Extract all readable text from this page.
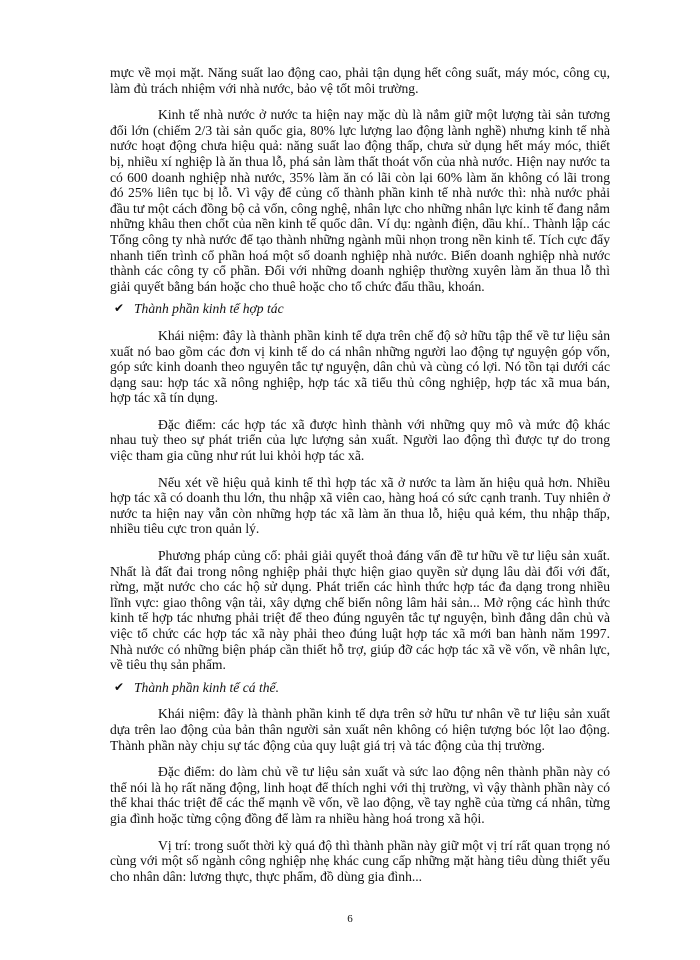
mực về mọi mặt. Năng suất lao động cao, phải tận dụng hết công suất, máy móc, công cụ, làm đủ trách nhiệm với nhà nước, bảo vệ tốt môi trường.

Kinh tế nhà nước ở nước ta hiện nay mặc dù là nắm giữ một lượng tài sản tương đối lớn (chiếm 2/3 tài sản quốc gia, 80% lực lượng lao động lành nghề) nhưng kinh tế nhà nước hoạt động chưa hiệu quả: năng suất lao động thấp, chưa sử dụng hết máy móc, thiết bị, nhiều xí nghiệp là ăn thua lỗ, phá sản làm thất thoát vốn của nhà nước. Hiện nay nước ta có 600 doanh nghiệp nhà nước, 35% làm ăn có lãi còn lại 60% làm ăn không có lãi trong đó 25% liên tục bị lỗ. Vì vậy để củng cố thành phần kinh tế nhà nước thì: nhà nước phải đầu tư một cách đồng bộ cả vốn, công nghệ, nhân lực cho những nhân lực kinh tế đang nắm những khâu then chốt của nền kinh tế quốc dân. Ví dụ: ngành điện, dầu khí.. Thành lập các Tổng công ty nhà nước để tạo thành những ngành mũi nhọn trong nền kinh tế. Tích cực đẩy nhanh tiến trình cổ phần hoá một số doanh nghiệp nhà nước. Biến doanh nghiệp nhà nước thành các công ty cổ phần. Đối với những doanh nghiệp thường xuyên làm ăn thua lỗ thì giải quyết bằng bán hoặc cho thuê hoặc cho tổ chức đấu thầu, khoán.

✔ Thành phần kinh tế hợp tác

Khái niệm: đây là thành phần kinh tế dựa trên chế độ sở hữu tập thể về tư liệu sản xuất nó bao gồm các đơn vị kinh tế do cá nhân những người lao động tự nguyện góp vốn, góp sức kinh doanh theo nguyên tắc tự nguyện, dân chủ và cùng có lợi. Nó tồn tại dưới các dạng sau: hợp tác xã nông nghiệp, hợp tác xã tiểu thủ công nghiệp, hợp tác xã mua bán, hợp tác xã tín dụng.

Đặc điểm: các hợp tác xã được hình thành với những quy mô và mức độ khác nhau tuỳ theo sự phát triển của lực lượng sản xuất. Người lao động thì được tự do trong việc tham gia cũng như rút lui khỏi hợp tác xã.

Nếu xét về hiệu quả kinh tế thì hợp tác xã ở nước ta làm ăn hiệu quả hơn. Nhiều hợp tác xã có doanh thu lớn, thu nhập xã viên cao, hàng hoá có sức cạnh tranh. Tuy nhiên ở nước ta hiện nay vẫn còn những hợp tác xã làm ăn thua lỗ, hiệu quả kém, thu nhập thấp, nhiều tiêu cực tron quản lý.

Phương pháp củng cố: phải giải quyết thoả đáng vấn đề tư hữu về tư liệu sản xuất. Nhất là đất đai trong nông nghiệp phải thực hiện giao quyền sử dụng lâu dài đối với đất, rừng, mặt nước cho các hộ sử dụng. Phát triển các hình thức hợp tác đa dạng trong nhiều lĩnh vực: giao thông vận tải, xây dựng chế biến nông lâm hải sản... Mở rộng các hình thức kinh tế hợp tác nhưng phải triệt để theo đúng nguyên tắc tự nguyện, bình đẳng dân chủ và việc tổ chức các hợp tác xã này phải theo đúng luật hợp tác xã mới ban hành năm 1997. Nhà nước có những biện pháp cần thiết hỗ trợ, giúp đỡ các hợp tác xã về vốn, về nhân lực, về tiêu thụ sản phẩm.

✔ Thành phần kinh tế cá thể.

Khái niệm: đây là thành phần kinh tế dựa trên sở hữu tư nhân về tư liệu sản xuất dựa trên lao động của bản thân người sản xuất nên không có hiện tượng bóc lột lao động. Thành phần này chịu sự tác động của quy luật giá trị và tác động của thị trường.

Đặc điểm: do làm chủ về tư liệu sản xuất và sức lao động nên thành phần này có thể nói là họ rất năng động, linh hoạt để thích nghi với thị trường, vì vậy thành phần này có thể khai thác triệt để các thế mạnh về vốn, về lao động, về tay nghề của từng cá nhân, từng gia đình hoặc từng cộng đồng để làm ra nhiều hàng hoá trong xã hội.

Vị trí: trong suốt thời kỳ quá độ thì thành phần này giữ một vị trí rất quan trọng nó cùng với một số ngành công nghiệp nhẹ khác cung cấp những mặt hàng tiêu dùng thiết yếu cho nhân dân: lương thực, thực phẩm, đồ dùng gia đình...

6
